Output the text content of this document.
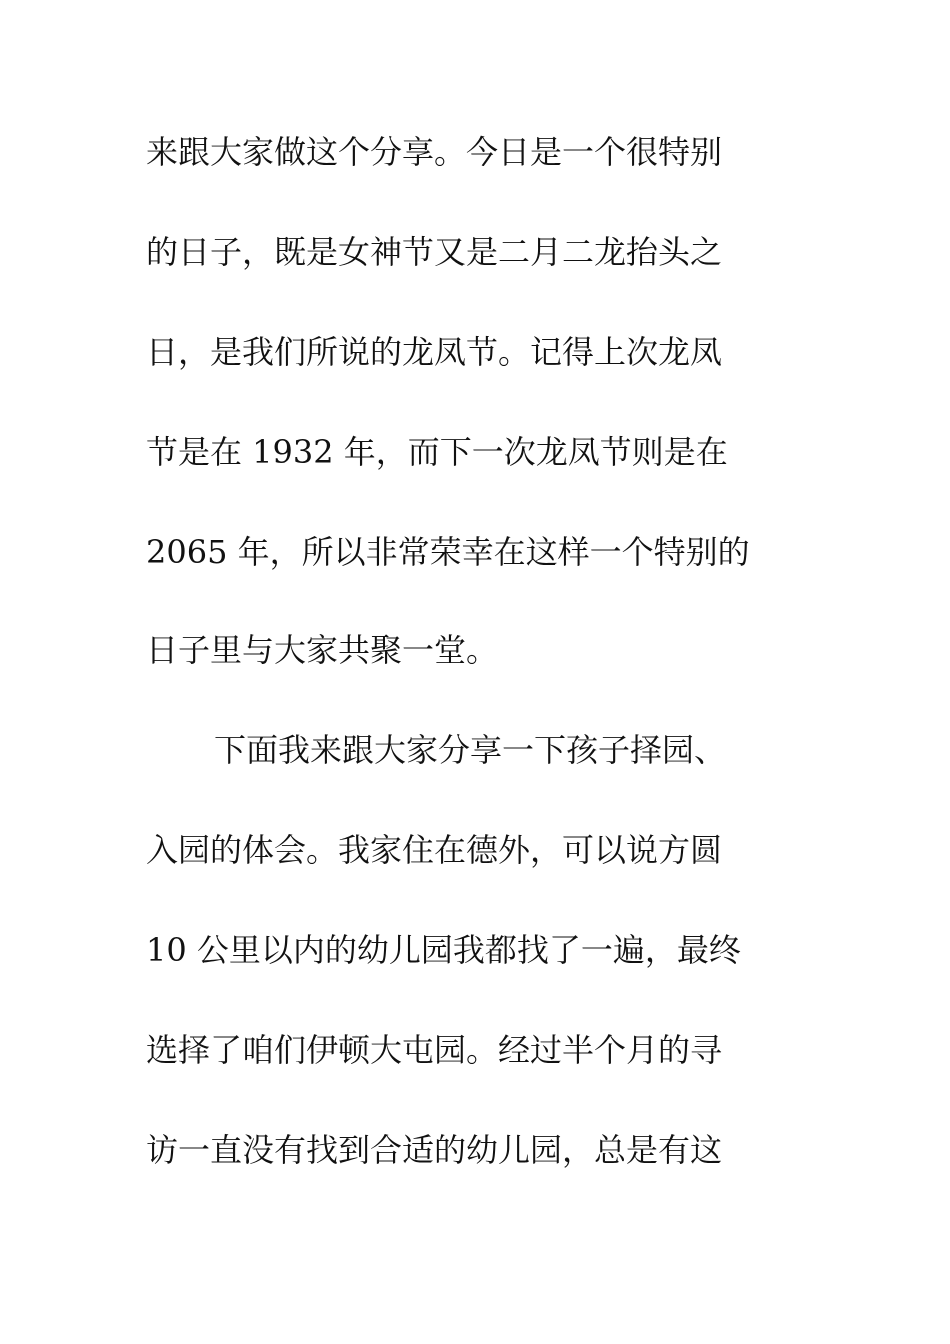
来跟大家做这个分享。今日是一个很特别
的日子，既是女神节又是二月二龙抬头之
日，是我们所说的龙凤节。记得上次龙凤
节是在 1932 年，而下一次龙凤节则是在
2065 年，所以非常荣幸在这样一个特别的
日子里与大家共聚一堂。
下面我来跟大家分享一下孩子择园、
入园的体会。我家住在德外，可以说方圆
10 公里以内的幼儿园我都找了一遍，最终
选择了咱们伊顿大屯园。经过半个月的寻
访一直没有找到合适的幼儿园，总是有这
